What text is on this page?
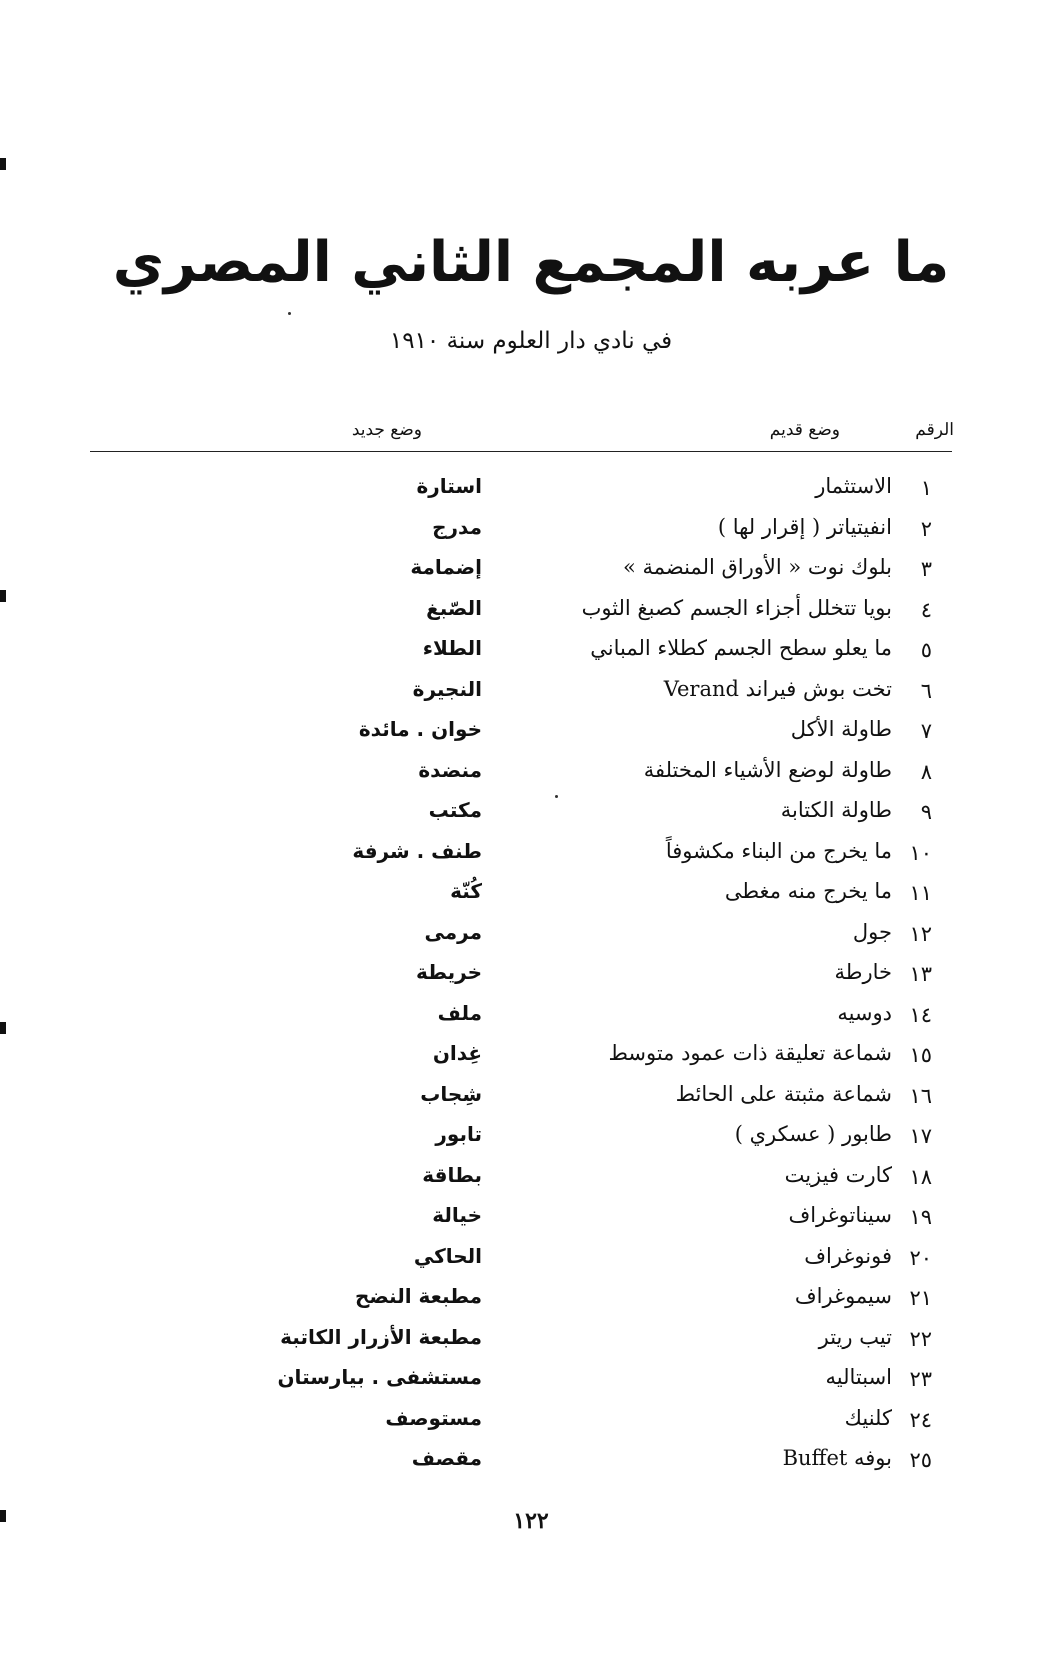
ما عربه المجمع الثاني المصري
في نادي دار العلوم سنة ١٩١٠
الرقم
وضع قديم
وضع جديد
١
الاستثمار
استارة
٢
انفيتياتر ( إقرار لها )
مدرج
٣
بلوك نوت « الأوراق المنضمة »
إضمامة
٤
بويا تتخلل أجزاء الجسم كصبغ الثوب
الصّبغ
٥
ما يعلو سطح الجسم كطلاء المباني
الطلاء
٦
تخت بوش فيراند Verand
النجيرة
٧
طاولة الأكل
خوان . مائدة
٨
طاولة لوضع الأشياء المختلفة
منضدة
٩
طاولة الكتابة
مكتب
١٠
ما يخرج من البناء مكشوفاً
طنف . شرفة
١١
ما يخرج منه مغطى
كُنّة
١٢
جول
مرمى
١٣
خارطة
خريطة
١٤
دوسيه
ملف
١٥
شماعة تعليقة ذات عمود متوسط
غِدان
١٦
شماعة مثبتة على الحائط
شِجاب
١٧
طابور ( عسكري )
تابور
١٨
كارت فيزيت
بطاقة
١٩
سيناتوغراف
خيالة
٢٠
فونوغراف
الحاكي
٢١
سيموغراف
مطبعة النضح
٢٢
تيب ريتر
مطبعة الأزرار الكاتبة
٢٣
اسبتاليه
مستشفى . بيارستان
٢٤
كلنيك
مستوصف
٢٥
بوفه Buffet
مقصف
١٢٢
